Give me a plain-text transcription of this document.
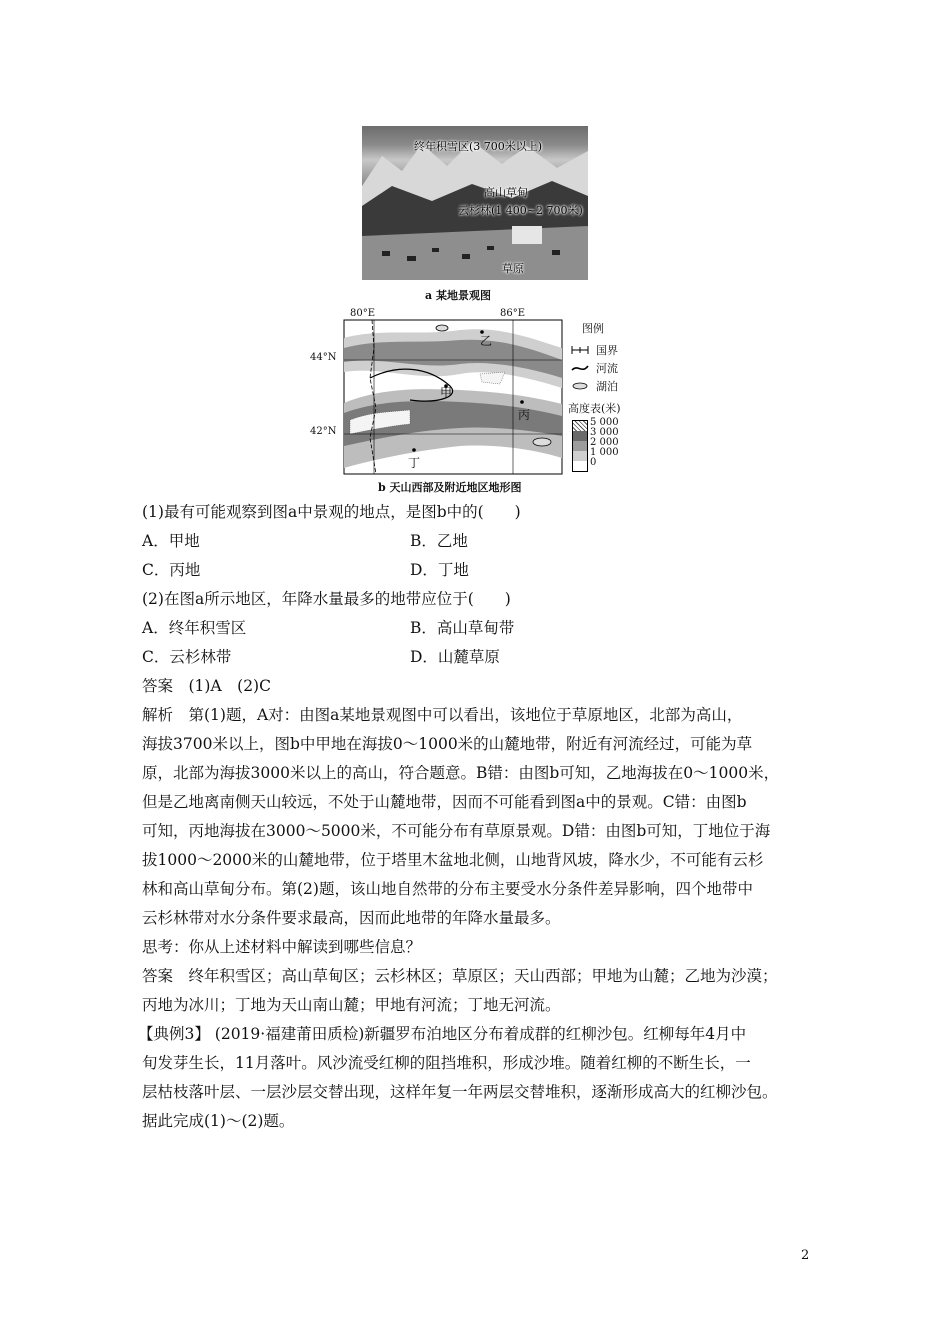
终年积雪区(3 700米以上)
高山草甸
云杉林(1 400~2 700米)
草原
a 某地景观图
80°E	86°E
44°N
42°N
乙
甲
丙
丁
图例
国界
河流
湖泊
高度表(米)
5 000
3 000
2 000
1 000
0
b 天山西部及附近地区地形图
(1)最有可能观察到图a中景观的地点，是图b中的(　　)
A．甲地	B．乙地
C．丙地	D．丁地
(2)在图a所示地区，年降水量最多的地带应位于(　　)
A．终年积雪区	B．高山草甸带
C．云杉林带	D．山麓草原
答案　(1)A　(2)C
解析　第(1)题，A对：由图a某地景观图中可以看出，该地位于草原地区，北部为高山，
海拔3700米以上，图b中甲地在海拔0～1000米的山麓地带，附近有河流经过，可能为草
原，北部为海拔3000米以上的高山，符合题意。B错：由图b可知，乙地海拔在0～1000米，
但是乙地离南侧天山较远，不处于山麓地带，因而不可能看到图a中的景观。C错：由图b
可知，丙地海拔在3000～5000米，不可能分布有草原景观。D错：由图b可知，丁地位于海
拔1000～2000米的山麓地带，位于塔里木盆地北侧，山地背风坡，降水少，不可能有云杉
林和高山草甸分布。第(2)题，该山地自然带的分布主要受水分条件差异影响，四个地带中
云杉林带对水分条件要求最高，因而此地带的年降水量最多。
思考：你从上述材料中解读到哪些信息？
答案　终年积雪区；高山草甸区；云杉林区；草原区；天山西部；甲地为山麓；乙地为沙漠；
丙地为冰川；丁地为天山南山麓；甲地有河流；丁地无河流。
【典例3】 (2019·福建莆田质检)新疆罗布泊地区分布着成群的红柳沙包。红柳每年4月中
旬发芽生长，11月落叶。风沙流受红柳的阻挡堆积，形成沙堆。随着红柳的不断生长，一
层枯枝落叶层、一层沙层交替出现，这样年复一年两层交替堆积，逐渐形成高大的红柳沙包。
据此完成(1)～(2)题。
2
